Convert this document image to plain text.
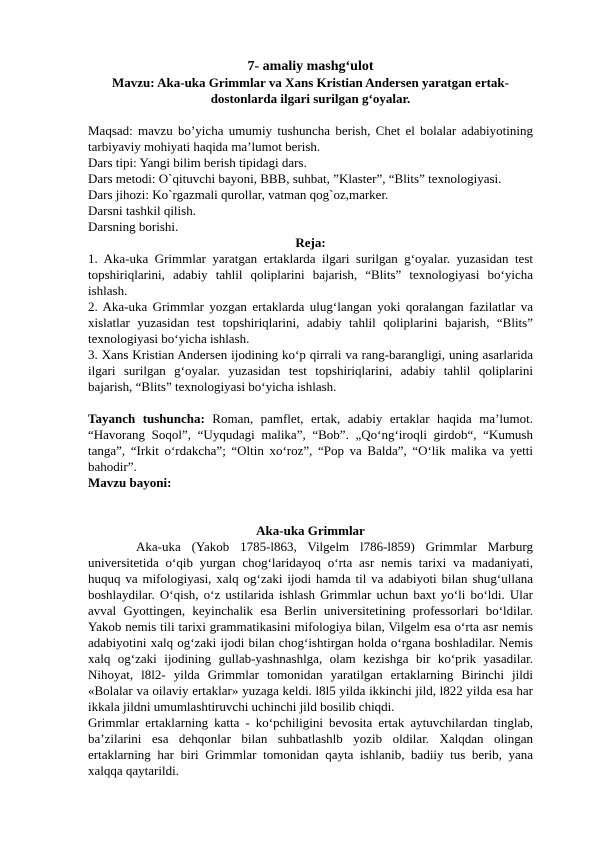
7- amaliy mashg‘ulot

Mavzu: Aka-uka Grimmlar va Xans Kristian Andersen yaratgan ertak-dostonlarda ilgari surilgan g‘oyalar.

Maqsad: mavzu bo’yicha umumiy tushuncha berish, Chet el bolalar adabiyotining tarbiyaviy mohiyati haqida ma’lumot berish.

Dars tipi: Yangi bilim berish tipidagi dars.

Dars metodi: O`qituvchi bayoni, BBB, suhbat, ”Klaster”, “Blits” texnologiyasi.

Dars jihozi: Ko`rgazmali qurollar, vatman qog`oz,marker.

Darsni tashkil qilish.

Darsning borishi.

Reja:

1. Aka-uka Grimmlar yaratgan ertaklarda ilgari surilgan g‘oyalar. yuzasidan test topshiriqlarini, adabiy tahlil qoliplarini bajarish, “Blits” texnologiyasi bo‘yicha ishlash.

2. Aka-uka Grimmlar yozgan ertaklarda ulug‘langan yoki qoralangan fazilatlar va xislatlar yuzasidan test topshiriqlarini, adabiy tahlil qoliplarini bajarish, “Blits” texnologiyasi bo‘yicha ishlash.

3. Xans Kristian Andersen ijodining ko‘p qirrali va rang-barangligi, uning asarlarida ilgari surilgan g‘oyalar. yuzasidan test topshiriqlarini, adabiy tahlil qoliplarini bajarish, “Blits” texnologiyasi bo‘yicha ishlash.

Tayanch tushuncha: Roman, pamflet, ertak, adabiy ertaklar haqida ma’lumot. “Havorang Soqol”, “Uyqudagi malika”, “Bob”. „Qo‘ng‘iroqli girdob“, “Kumush tanga”, “Irkit o‘rdakcha”; “Oltin xo‘roz”, “Pop va Balda”, “O‘lik malika va yetti bahodir”.

Mavzu bayoni:

Aka-uka Grimmlar

Aka-uka (Yakob 1785-l863, Vilgelm l786-l859) Grimmlar Marburg universitetida o‘qib yurgan chog‘laridayoq o‘rta asr nemis tarixi va madaniyati, huquq va mifologiyasi, xalq og‘zaki ijodi hamda til va adabiyoti bilan shug‘ullana boshlaydilar. O‘qish, o‘z ustilarida ishlash Grimmlar uchun baxt yo‘li bo‘ldi. Ular avval Gyottingen, keyinchalik esa Berlin universitetining professorlari bo‘ldilar. Yakob nemis tili tarixi grammatikasini mifologiya bilan, Vilgelm esa o‘rta asr nemis adabiyotini xalq og‘zaki ijodi bilan chog‘ishtirgan holda o‘rgana boshladilar. Nemis xalq og‘zaki ijodining gullab-yashnashlga, olam kezishga bir ko‘prik yasadilar. Nihoyat, l8l2- yilda Grimmlar tomonidan yaratilgan ertaklarning Birinchi jildi «Bolalar va oilaviy ertaklar» yuzaga keldi. l8l5 yilda ikkinchi jild, l822 yilda esa har ikkala jildni umumlashtiruvchi uchinchi jild bosilib chiqdi.

Grimmlar ertaklarning katta - ko‘pchiligini bevosita ertak aytuvchilardan tinglab, ba’zilarini esa dehqonlar bilan suhbatlashlb yozib oldilar. Xalqdan olingan ertaklarning har biri Grimmlar tomonidan qayta ishlanib, badiiy tus berib, yana xalqqa qaytarildi.
